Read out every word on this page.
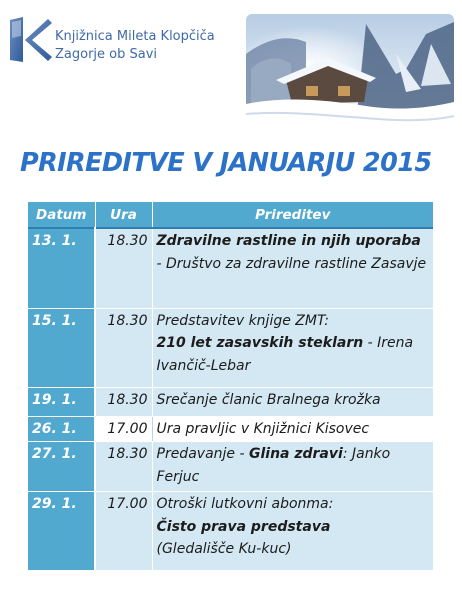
Knjižnica Mileta Klopčiča
Zagorje ob Savi
PRIREDITVE V JANUARJU 2015
Datum	Ura	Prireditev
13. 1.	18.30	Zdravilne rastline in njih uporaba - Društvo za zdravilne rastline Zasavje
15. 1.	18.30	Predstavitev knjige ZMT:
210 let zasavskih steklarn - Irena Ivančič-Lebar
19. 1.	18.30	Srečanje članic Bralnega krožka
26. 1.	17.00	Ura pravljic v Knjižnici Kisovec
27. 1.	18.30	Predavanje - Glina zdravi: Janko Ferjuc
29. 1.	17.00	Otroški lutkovni abonma:
Čisto prava predstava
(Gledališče Ku-kuc)
